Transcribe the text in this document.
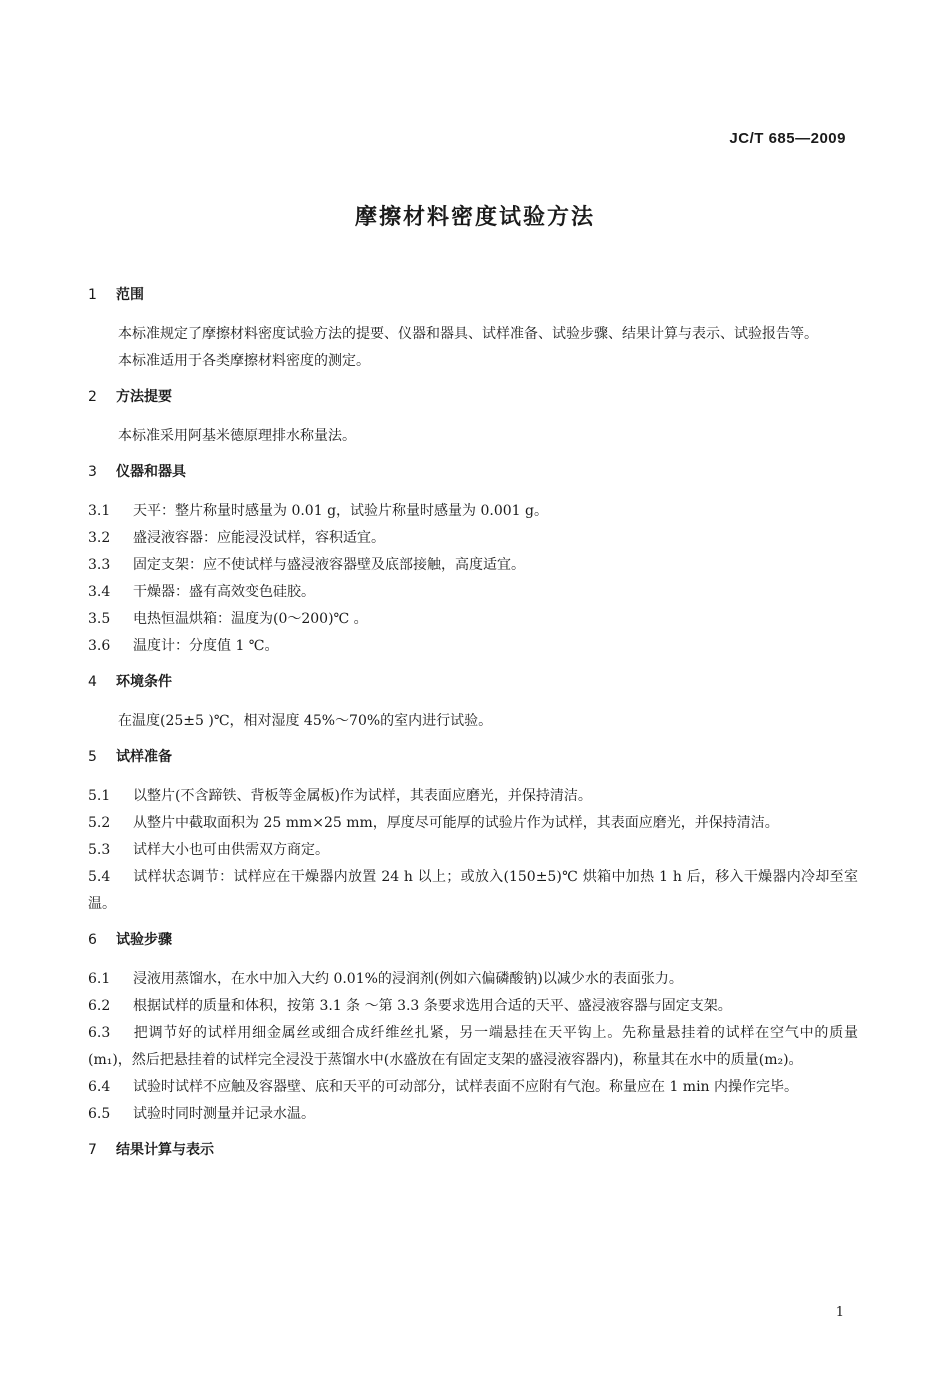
JC/T 685—2009
摩擦材料密度试验方法

1 范围

本标准规定了摩擦材料密度试验方法的提要、仪器和器具、试样准备、试验步骤、结果计算与表示、试验报告等。

本标准适用于各类摩擦材料密度的测定。

2 方法提要

本标准采用阿基米德原理排水称量法。

3 仪器和器具

3.1 天平：整片称量时感量为 0.01 g，试验片称量时感量为 0.001 g。

3.2 盛浸液容器：应能浸没试样，容积适宜。

3.3 固定支架：应不使试样与盛浸液容器壁及底部接触，高度适宜。

3.4 干燥器：盛有高效变色硅胶。

3.5 电热恒温烘箱：温度为(0～200)℃ 。

3.6 温度计：分度值 1 ℃。

4 环境条件

在温度(25±5 )℃，相对湿度 45%～70%的室内进行试验。

5 试样准备

5.1 以整片(不含蹄铁、背板等金属板)作为试样，其表面应磨光，并保持清洁。

5.2 从整片中截取面积为 25 mm×25 mm，厚度尽可能厚的试验片作为试样，其表面应磨光，并保持清洁。

5.3 试样大小也可由供需双方商定。

5.4 试样状态调节：试样应在干燥器内放置 24 h 以上；或放入(150±5)℃ 烘箱中加热 1 h 后，移入干燥器内冷却至室温。

6 试验步骤

6.1 浸液用蒸馏水，在水中加入大约 0.01%的浸润剂(例如六偏磷酸钠)以减少水的表面张力。

6.2 根据试样的质量和体积，按第 3.1 条 ～第 3.3 条要求选用合适的天平、盛浸液容器与固定支架。

6.3 把调节好的试样用细金属丝或细合成纤维丝扎紧，另一端悬挂在天平钩上。先称量悬挂着的试样在空气中的质量(m₁)，然后把悬挂着的试样完全浸没于蒸馏水中(水盛放在有固定支架的盛浸液容器内)，称量其在水中的质量(m₂)。

6.4 试验时试样不应触及容器壁、底和天平的可动部分，试样表面不应附有气泡。称量应在 1 min 内操作完毕。

6.5 试验时同时测量并记录水温。

7 结果计算与表示

1
